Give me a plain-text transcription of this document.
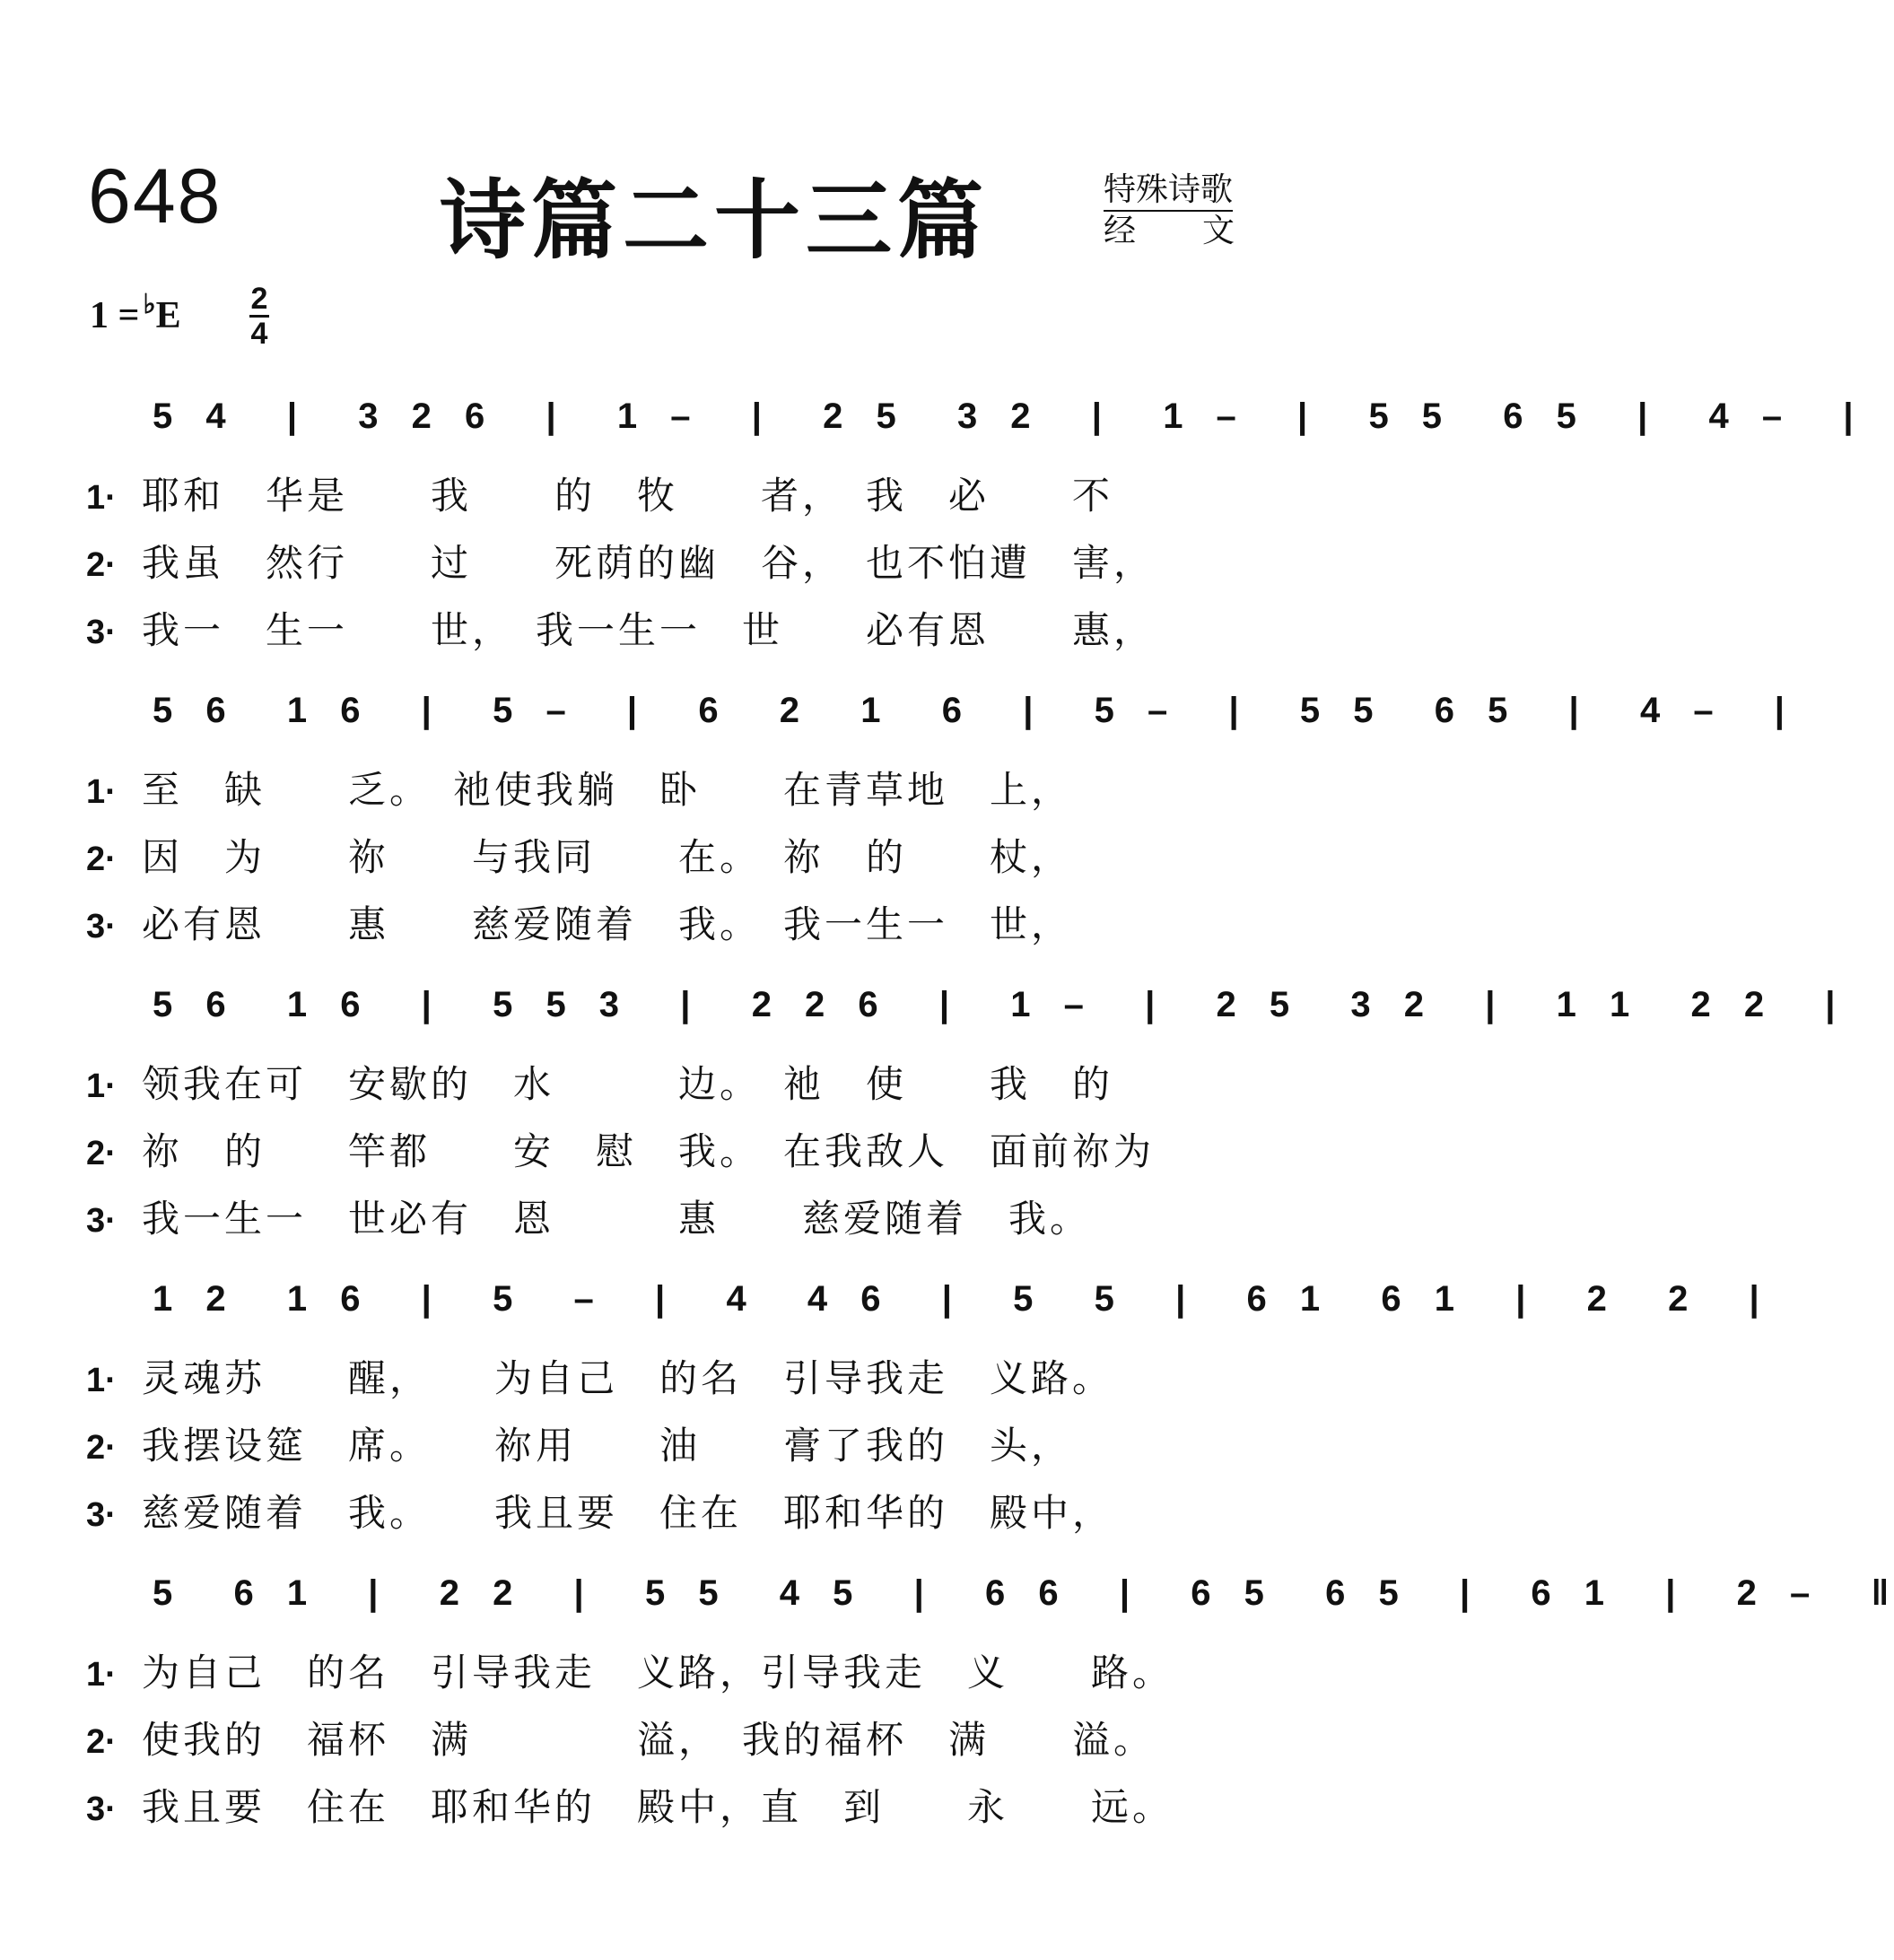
648	诗篇二十三篇	特殊诗歌

经 文
1 = ♭E 2
4
5 4  |  3 2 6  |  1 –  |  2 5  3 2  |  1 –  |  5 5  6 5  |  4 –  |
1· 耶和　华是　　我　　的　牧　　者，　我　必　　不
2· 我虽　然行　　过　　死荫的幽　谷，　也不怕遭　害，
3· 我一　生一　　世，　我一生一　世　　必有恩　　惠，
5 6  1 6  |  5 –  |  6  2  1  6  |  5 –  |  5 5  6 5  |  4 –  |
1· 至　缺　　乏。　祂使我躺　卧　　在青草地　上，
2· 因　为　　祢　　与我同　　在。　祢　的　　杖，
3· 必有恩　　惠　　慈爱随着　我。　我一生一　世，
5 6  1 6  |  5 5 3  |  2 2 6  |  1 –  |  2 5  3 2  |  1 1  2 2  |
1· 领我在可　安歇的　水　　　边。　祂　使　　我　的
2· 祢　的　　竿都　　安　慰　我。　在我敌人　面前祢为
3· 我一生一　世必有　恩　　　惠　　慈爱随着　我。
1 2  1 6  |  5  –  |  4  4 6  |  5  5  |  6 1  6 1  |  2  2  |
1· 灵魂苏　　醒，　　为自己　的名　引导我走　义路。
2· 我摆设筵　席。　　祢用　　油　　膏了我的　头，
3· 慈爱随着　我。　　我且要　住在　耶和华的　殿中，
5  6 1  |  2 2  |  5 5  4 5  |  6 6  |  6 5  6 5  |  6 1  |  2 –  ‖
1· 为自己　的名　引导我走　义路，引导我走　义　　路。
2· 使我的　福杯　满　　　　溢，　我的福杯　满　　溢。
3· 我且要　住在　耶和华的　殿中，直　到　　永　　远。
